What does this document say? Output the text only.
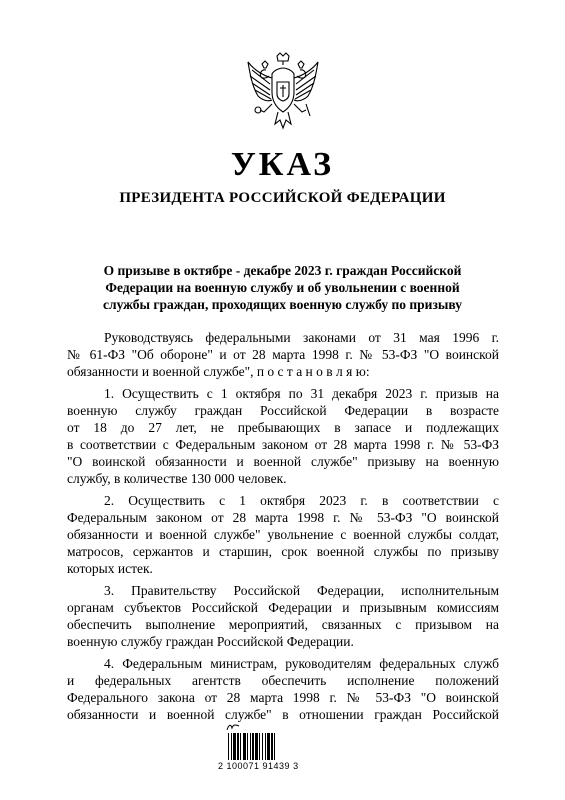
УКАЗ
ПРЕЗИДЕНТА РОССИЙСКОЙ ФЕДЕРАЦИИ
О призыве в октябре - декабре 2023 г. граждан Российской
Федерации на военную службу и об увольнении с военной
службы граждан, проходящих военную службу по призыву
Руководствуясь федеральными законами от 31 мая 1996 г.
№ 61-ФЗ "Об обороне" и от 28 марта 1998 г. № 53-ФЗ "О воинской
обязанности и военной службе", п о с т а н о в л я ю:
1. Осуществить с 1 октября по 31 декабря 2023 г. призыв на
военную службу граждан Российской Федерации в возрасте
от 18 до 27 лет, не пребывающих в запасе и подлежащих
в соответствии с Федеральным законом от 28 марта 1998 г. № 53-ФЗ
"О воинской обязанности и военной службе" призыву на военную
службу, в количестве 130 000 человек.
2. Осуществить с 1 октября 2023 г. в соответствии с
Федеральным законом от 28 марта 1998 г. № 53-ФЗ "О воинской
обязанности и военной службе" увольнение с военной службы солдат,
матросов, сержантов и старшин, срок военной службы по призыву
которых истек.
3. Правительству Российской Федерации, исполнительным
органам субъектов Российской Федерации и призывным комиссиям
обеспечить выполнение мероприятий, связанных с призывом на
военную службу граждан Российской Федерации.
4. Федеральным министрам, руководителям федеральных служб
и федеральных агентств обеспечить исполнение положений
Федерального закона от 28 марта 1998 г. № 53-ФЗ "О воинской
обязанности и военной службе" в отношении граждан Российской
2 100071 91439 3
